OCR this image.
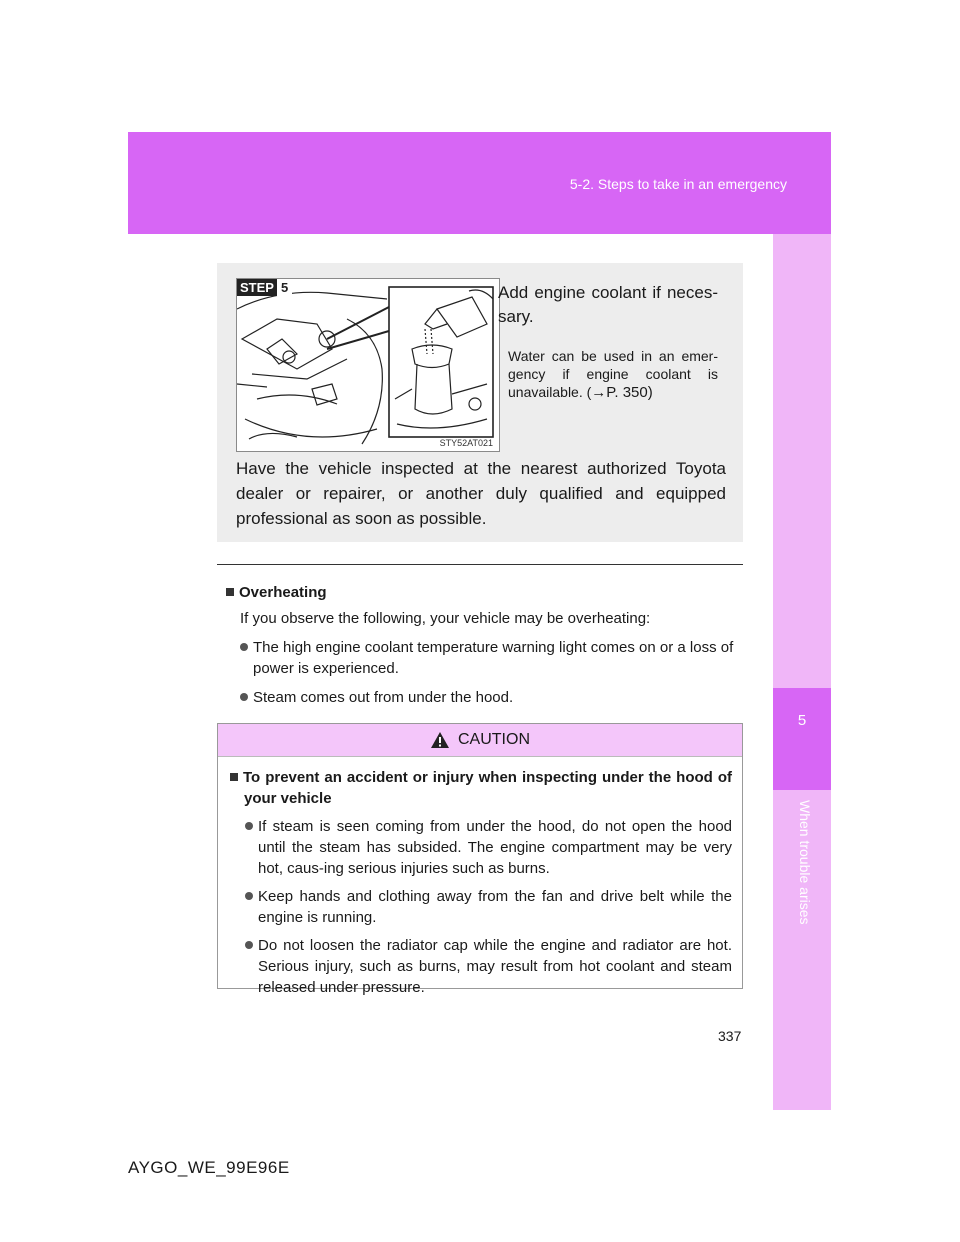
5-2. Steps to take in an emergency
5
When trouble arises
STEP 5
STY52AT021
Add engine coolant if neces-sary.
Water can be used in an emer-gency if engine coolant is unavailable. (→P. 350)
Have the vehicle inspected at the nearest authorized Toyota dealer or repairer, or another duly qualified and equipped professional as soon as possible.
Overheating
If you observe the following, your vehicle may be overheating:
The high engine coolant temperature warning light comes on or a loss of
power is experienced.
Steam comes out from under the hood.
CAUTION
To prevent an accident or injury when inspecting under the hood of your vehicle
If steam is seen coming from under the hood, do not open the hood until the steam has subsided. The engine compartment may be very hot, caus-ing serious injuries such as burns.
Keep hands and clothing away from the fan and drive belt while the engine is running.
Do not loosen the radiator cap while the engine and radiator are hot. Serious injury, such as burns, may result from hot coolant and steam released under pressure.
337
AYGO_WE_99E96E
